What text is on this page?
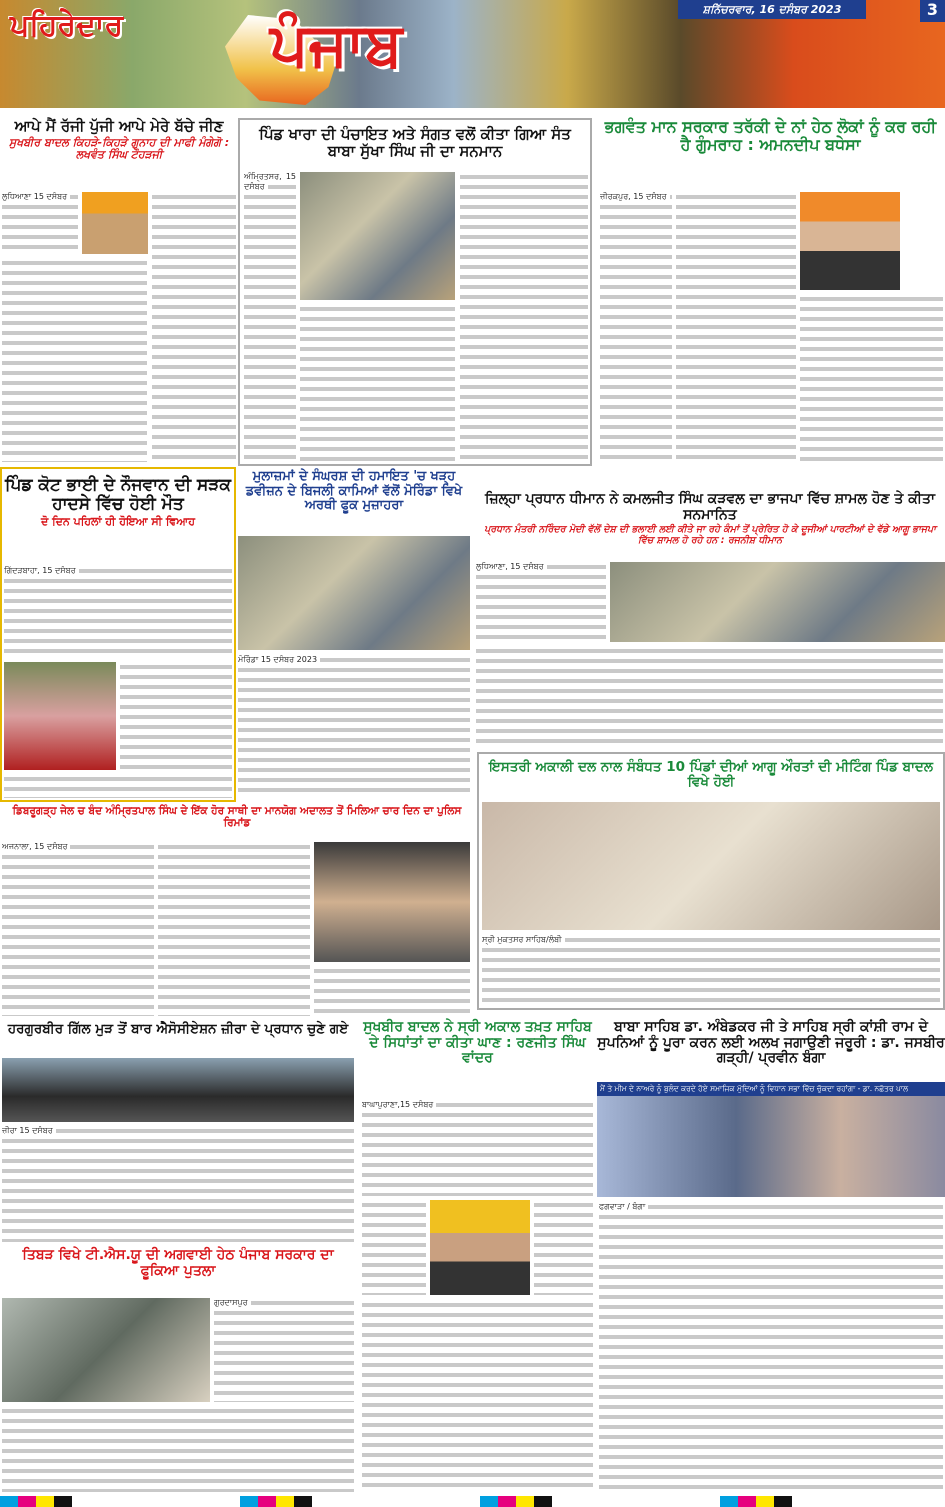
ਪਹਿਰੇਦਾਰ ਪੰਜਾਬ
ਸ਼ਨਿੱਚਰਵਾਰ, 16 ਦਸੰਬਰ 2023	3
ਆਪੇ ਮੈਂ ਰੱਜੀ ਪੁੱਜੀ ਆਪੇ ਮੇਰੇ ਬੱਚੇ ਜੀਣ
ਸੁਖਬੀਰ ਬਾਦਲ ਕਿਹੜੇ-ਕਿਹੜੇ ਗੁਨਾਹ ਦੀ ਮਾਫੀ ਮੰਗੇਗੋ : ਲਖਵੰਤ ਸਿੰਘ ਟੌਹੜਜੀ
ਲੁਧਿਆਣਾ 15 ਦਸੰਬਰ
ਪਿੰਡ ਖਾਰਾ ਦੀ ਪੰਚਾਇਤ ਅਤੇ ਸੰਗਤ ਵਲੋਂ ਕੀਤਾ ਗਿਆ ਸੰਤ ਬਾਬਾ ਸੁੱਖਾ ਸਿੰਘ ਜੀ ਦਾ ਸਨਮਾਨ
ਅੰਮ੍ਰਿਤਸਰ, 15 ਦਸੰਬਰ
ਭਗਵੰਤ ਮਾਨ ਸਰਕਾਰ ਤਰੱਕੀ ਦੇ ਨਾਂ ਹੇਠ ਲੋਕਾਂ ਨੂੰ ਕਰ ਰਹੀ ਹੈ ਗੁੰਮਰਾਹ : ਅਮਨਦੀਪ ਬਧੇਸਾ
ਜ਼ੀਰਕਪੁਰ, 15 ਦਸੰਬਰ
ਪਿੰਡ ਕੋਟ ਭਾਈ ਦੇ ਨੌਜਵਾਨ ਦੀ ਸੜਕ ਹਾਦਸੇ ਵਿੱਚ ਹੋਈ ਮੌਤ
ਦੋ ਦਿਨ ਪਹਿਲਾਂ ਹੀ ਹੋਇਆ ਸੀ ਵਿਆਹ
ਗਿੱਦੜਬਾਹਾ, 15 ਦਸੰਬਰ
ਮੁਲਾਜ਼ਮਾਂ ਦੇ ਸੰਘਰਸ਼ ਦੀ ਹਮਾਇਤ 'ਚ ਖੜ੍ਹ ਡਵੀਜ਼ਨ ਦੇ ਬਿਜਲੀ ਕਾਮਿਆਂ ਵੱਲੋਂ ਮੋਰਿੰਡਾ ਵਿਖੇ ਅਰਥੀ ਫੂਕ ਮੁਜ਼ਾਹਰਾ
ਮੋਰਿੰਡਾ 15 ਦਸੰਬਰ 2023
ਜ਼ਿਲ੍ਹਾ ਪ੍ਰਧਾਨ ਧੀਮਾਨ ਨੇ ਕਮਲਜੀਤ ਸਿੰਘ ਕੜਵਲ ਦਾ ਭਾਜਪਾ ਵਿੱਚ ਸ਼ਾਮਲ ਹੋਣ ਤੇ ਕੀਤਾ ਸਨਮਾਨਿਤ
ਪ੍ਰਧਾਨ ਮੰਤਰੀ ਨਰਿੰਦਰ ਮੋਦੀ ਵੱਲੋਂ ਦੇਸ਼ ਦੀ ਭਲਾਈ ਲਈ ਕੀਤੇ ਜਾ ਰਹੇ ਕੰਮਾਂ ਤੋਂ ਪ੍ਰੇਰਿਤ ਹੋ ਕੇ ਦੂਜੀਆਂ ਪਾਰਟੀਆਂ ਦੇ ਵੱਡੇ ਆਗੂ ਭਾਜਪਾ ਵਿੱਚ ਸ਼ਾਮਲ ਹੋ ਰਹੇ ਹਨ : ਰਜਨੀਸ਼ ਧੀਮਾਨ
ਲੁਧਿਆਣਾ, 15 ਦਸੰਬਰ
ਇਸਤਰੀ ਅਕਾਲੀ ਦਲ ਨਾਲ ਸੰਬੰਧਤ 10 ਪਿੰਡਾਂ ਦੀਆਂ ਆਗੂ ਔਰਤਾਂ ਦੀ ਮੀਟਿੰਗ ਪਿੰਡ ਬਾਦਲ ਵਿਖੇ ਹੋਈ
ਸ੍ਰੀ ਮੁਕਤਸਰ ਸਾਹਿਬ/ਲੰਬੀ
ਡਿਬਰੂਗੜ੍ਹ ਜੇਲ ਚ ਬੰਦ ਅੰਮ੍ਰਿਤਪਾਲ ਸਿੰਘ ਦੇ ਇੱਕ ਹੋਰ ਸਾਥੀ ਦਾ ਮਾਨਯੋਗ ਅਦਾਲਤ ਤੋਂ ਮਿਲਿਆ ਚਾਰ ਦਿਨ ਦਾ ਪੁਲਿਸ ਰਿਮਾਂਡ
ਅਜਨਾਲਾ, 15 ਦਸੰਬਰ
ਹਰਗੁਰਬੀਰ ਗਿੱਲ ਮੁੜ ਤੋਂ ਬਾਰ ਐਸੋਸੀਏਸ਼ਨ ਜ਼ੀਰਾ ਦੇ ਪ੍ਰਧਾਨ ਚੁਣੇ ਗਏ
ਜ਼ੀਰਾ 15 ਦਸੰਬਰ
ਸੁਖਬੀਰ ਬਾਦਲ ਨੇ ਸ੍ਰੀ ਅਕਾਲ ਤਖ਼ਤ ਸਾਹਿਬ ਦੇ ਸਿਧਾਂਤਾਂ ਦਾ ਕੀਤਾ ਘਾਣ : ਰਣਜੀਤ ਸਿੰਘ ਵਾਂਦਰ
ਬਾਘਾਪੁਰਾਣਾ,15 ਦਸੰਬਰ
ਬਾਬਾ ਸਾਹਿਬ ਡਾ. ਅੰਬੇਡਕਰ ਜੀ ਤੇ ਸਾਹਿਬ ਸ੍ਰੀ ਕਾਂਸ਼ੀ ਰਾਮ ਦੇ ਸੁਪਨਿਆਂ ਨੂੰ ਪੂਰਾ ਕਰਨ ਲਈ ਅਲਖ ਜਗਾਉਣੀ ਜਰੂਰੀ : ਡਾ. ਜਸਬੀਰ ਗੜ੍ਹੀ/ ਪ੍ਰਵੀਨ ਬੰਗਾ
ਮੈਂ ਤੇ ਮੀਮ ਦੇ ਨਾਅਰੇ ਨੂੰ ਬੁਲੰਦ ਕਰਦੇ ਹੋਏ ਸਮਾਜਿਕ ਮੁੱਦਿਆਂ ਨੂੰ ਵਿਧਾਨ ਸਭਾ ਵਿੱਚ ਚੁੱਕਦਾ ਰਹਾਂਗਾ - ਡਾ. ਨਛੱਤਰ ਪਾਲ
ਫਗਵਾੜਾ / ਬੰਗਾ
ਤਿਬੜ ਵਿਖੇ ਟੀ.ਐਸ.ਯੂ ਦੀ ਅਗਵਾਈ ਹੇਠ ਪੰਜਾਬ ਸਰਕਾਰ ਦਾ ਫੂਕਿਆ ਪੁਤਲਾ
ਗੁਰਦਾਸਪੁਰ
